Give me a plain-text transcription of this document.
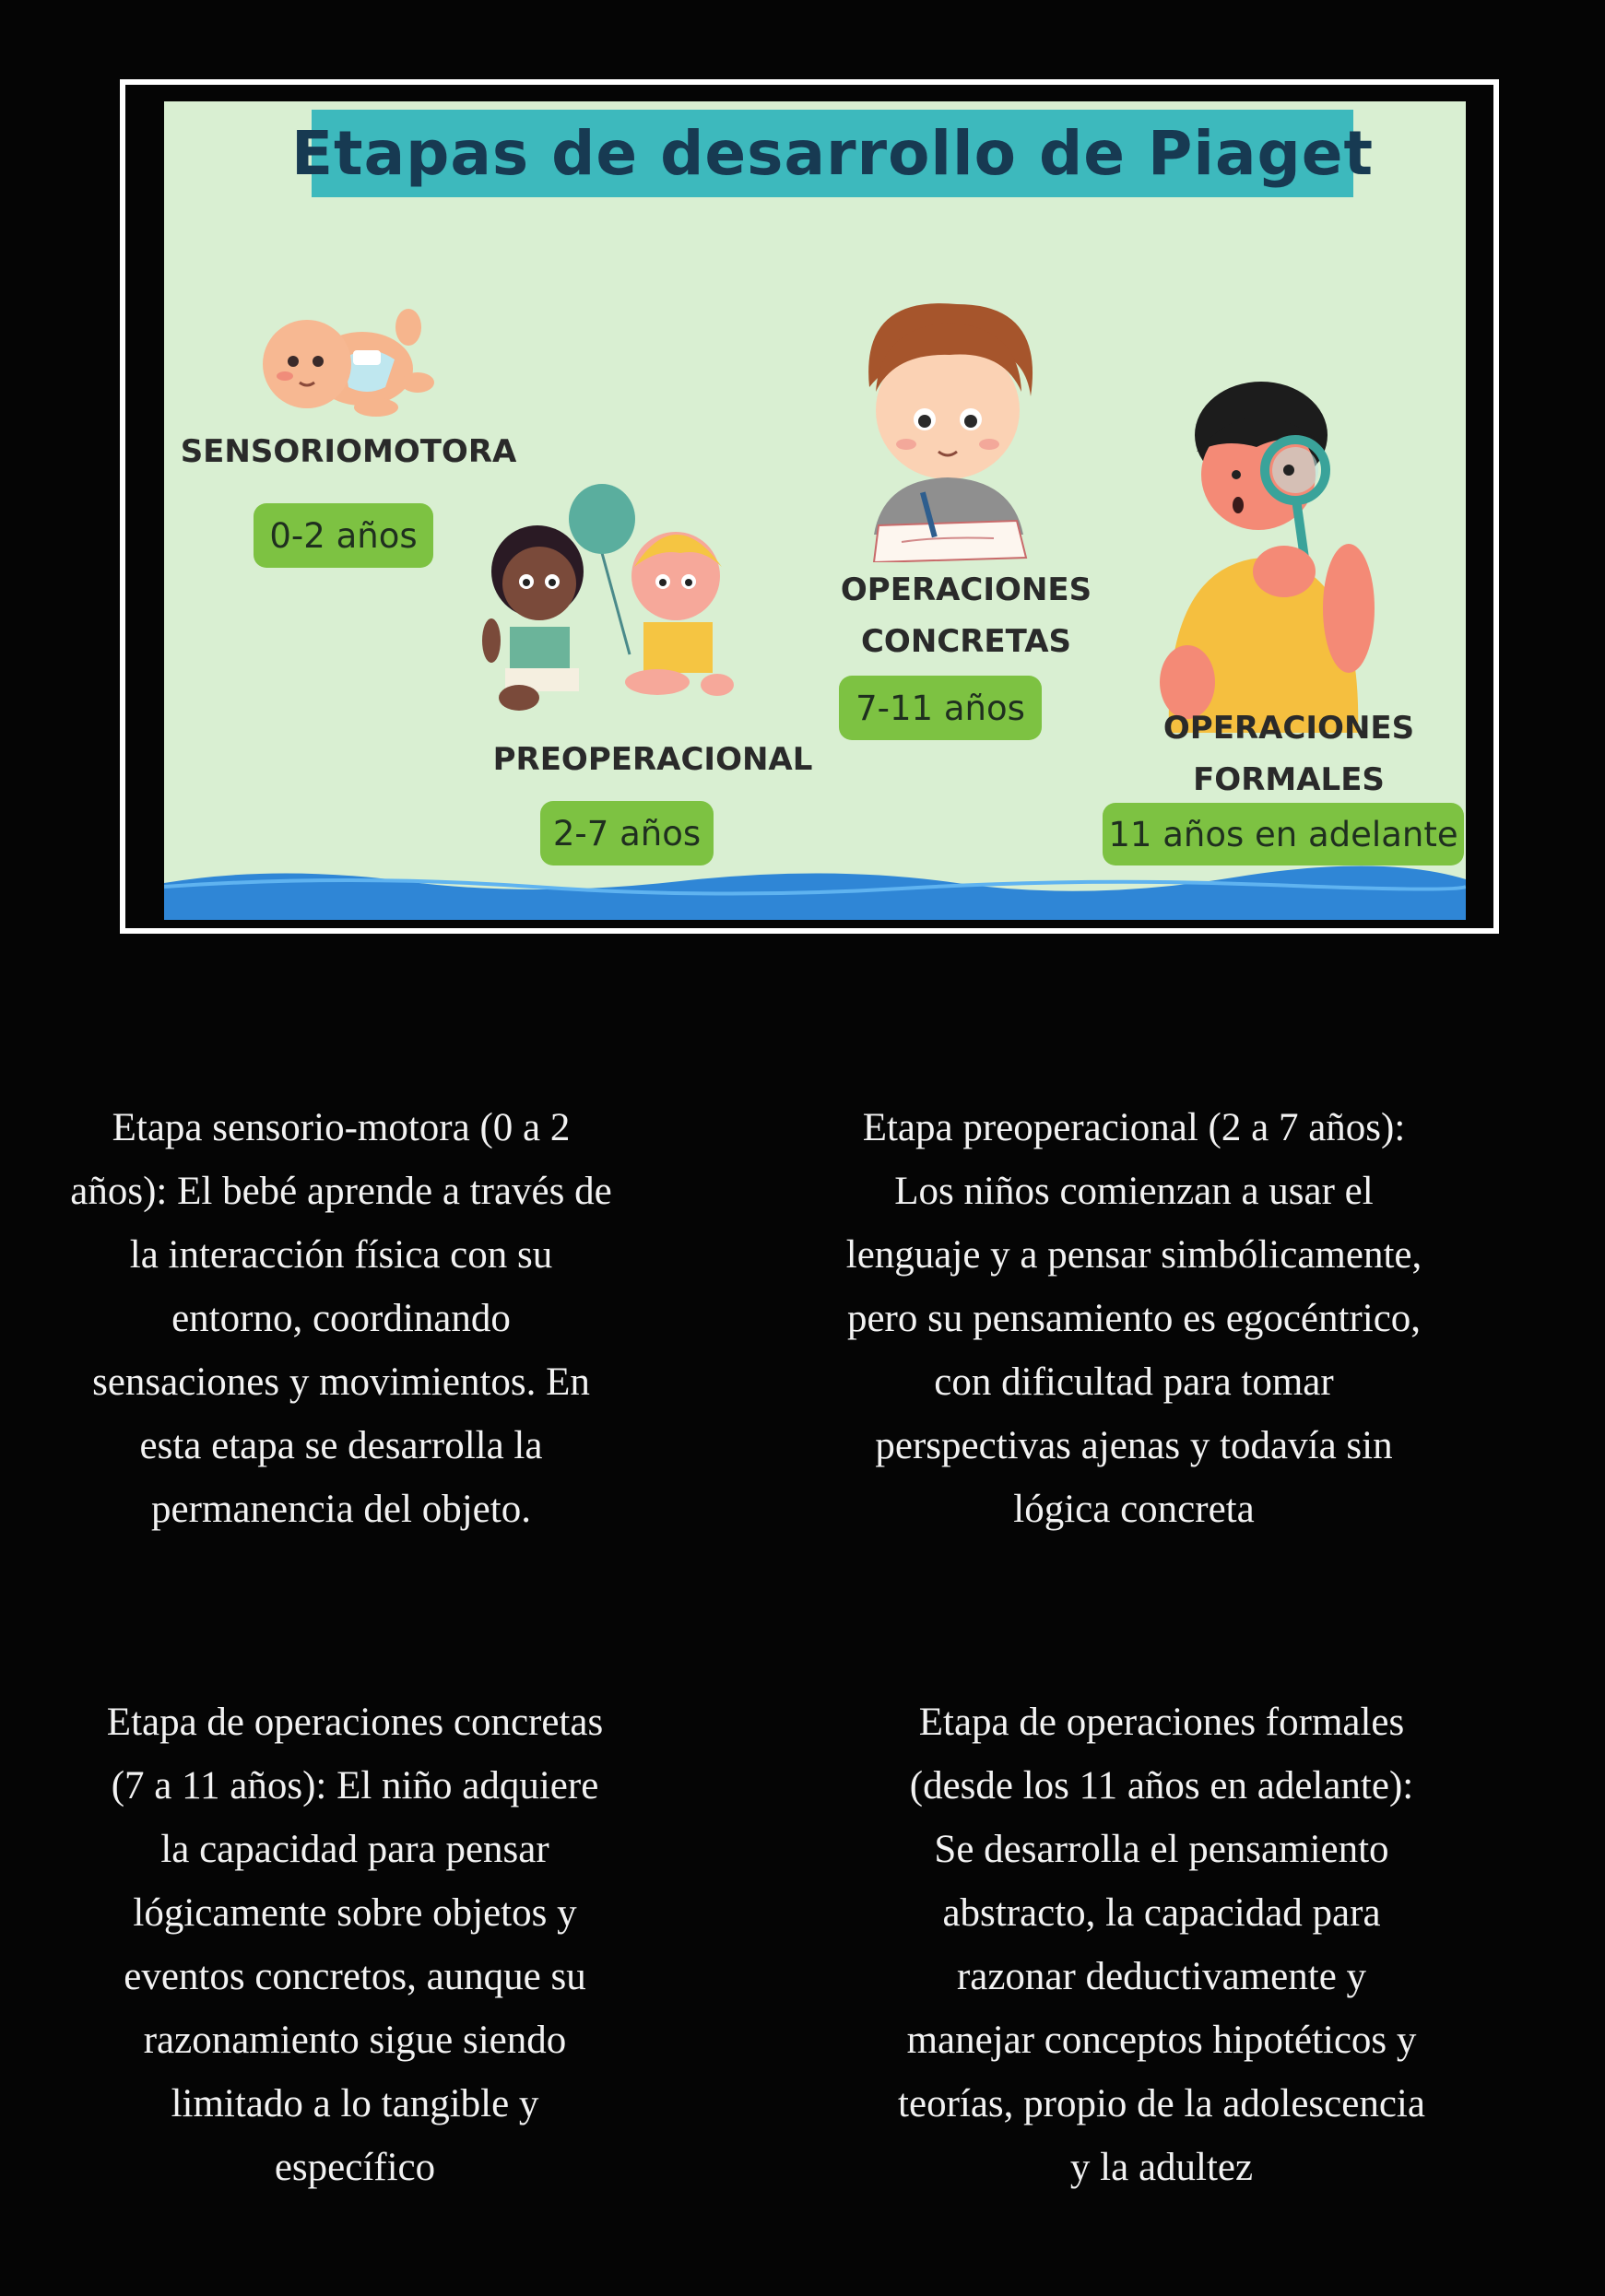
Etapas de desarrollo de Piaget
SENSORIOMOTORA
0-2 años
PREOPERACIONAL
2-7 años
OPERACIONES
CONCRETAS
7-11 años
OPERACIONES
FORMALES
11 años en adelante
Etapa sensorio-motora (0 a 2
años): El bebé aprende a través de
la interacción física con su
entorno, coordinando
sensaciones y movimientos. En
esta etapa se desarrolla la
permanencia del objeto.
Etapa preoperacional (2 a 7 años):
Los niños comienzan a usar el
lenguaje y a pensar simbólicamente,
pero su pensamiento es egocéntrico,
con dificultad para tomar
perspectivas ajenas y todavía sin
lógica concreta
Etapa de operaciones concretas
(7 a 11 años): El niño adquiere
la capacidad para pensar
lógicamente sobre objetos y
eventos concretos, aunque su
razonamiento sigue siendo
limitado a lo tangible y
específico
Etapa de operaciones formales
(desde los 11 años en adelante):
Se desarrolla el pensamiento
abstracto, la capacidad para
razonar deductivamente y
manejar conceptos hipotéticos y
teorías, propio de la adolescencia
y la adultez
